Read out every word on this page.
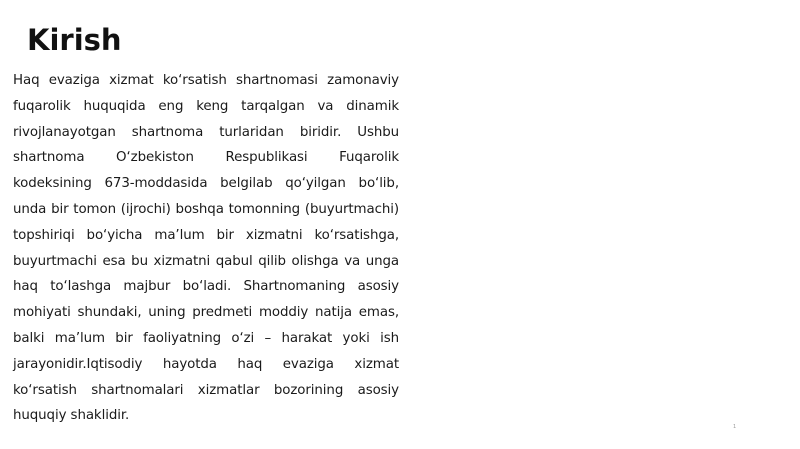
Kirish

Haq evaziga xizmat ko‘rsatish shartnomasi zamonaviy fuqarolik huquqida eng keng tarqalgan va dinamik rivojlanayotgan shartnoma turlaridan biridir. Ushbu shartnoma O‘zbekiston Respublikasi Fuqarolik kodeksining 673-moddasida belgilab qo‘yilgan bo‘lib, unda bir tomon (ijrochi) boshqa tomonning (buyurtmachi) topshiriqi bo‘yicha ma’lum bir xizmatni ko‘rsatishga, buyurtmachi esa bu xizmatni qabul qilib olishga va unga haq to‘lashga majbur bo‘ladi. Shartnomaning asosiy mohiyati shundaki, uning predmeti moddiy natija emas, balki ma’lum bir faoliyatning o‘zi – harakat yoki ish jarayonidir.Iqtisodiy hayotda haq evaziga xizmat ko‘rsatish shartnomalari xizmatlar bozorining asosiy huquqiy shaklidir.

1
